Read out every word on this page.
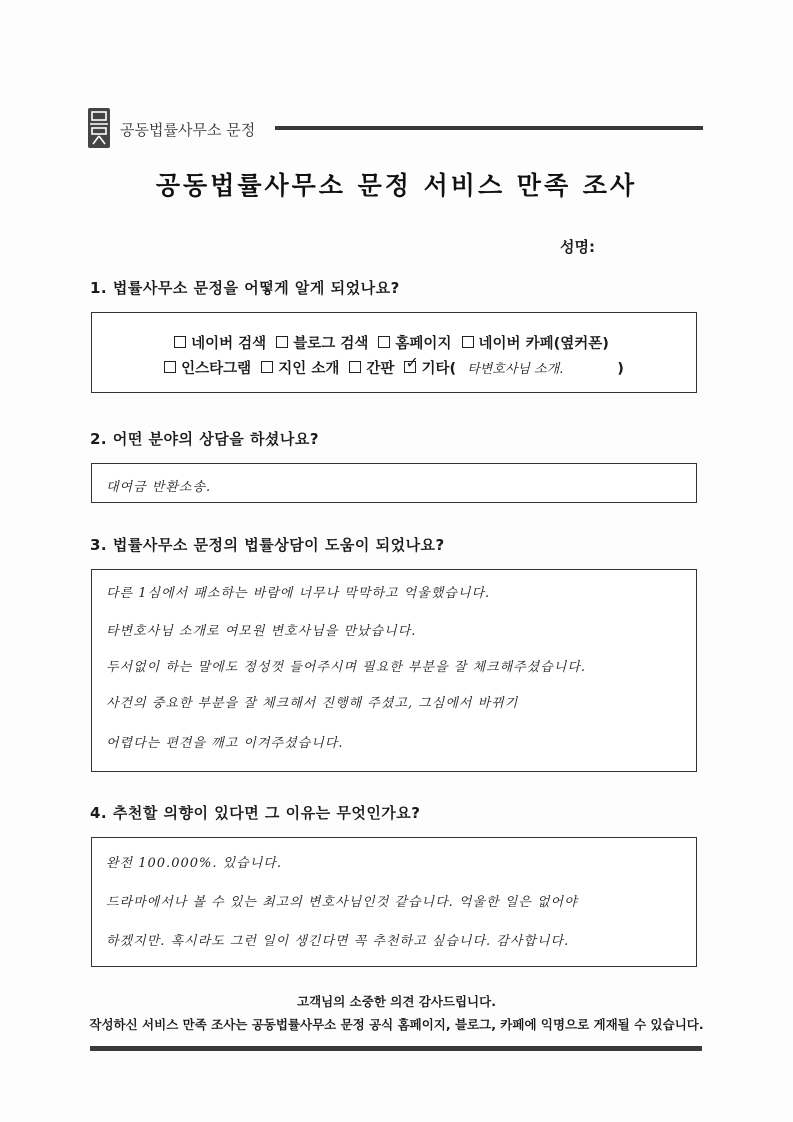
공동법률사무소 문정
공동법률사무소 문정 서비스 만족 조사
성명:
1. 법률사무소 문정을 어떻게 알게 되었나요?
네이버 검색 블로그 검색 홈페이지 네이버 카페(옆커폰)
인스타그램 지인 소개 간판 ✓ 기타( 타변호사님 소개.	)
2. 어떤 분야의 상담을 하셨나요?
대여금 반환소송.
3. 법률사무소 문정의 법률상담이 도움이 되었나요?
다른 1심에서 패소하는 바람에 너무나 막막하고 억울했습니다.
타변호사님 소개로 여모원 변호사님을 만났습니다.
두서없이 하는 말에도 정성껏 들어주시며 필요한 부분을 잘 체크해주셨습니다.
사건의 중요한 부분을 잘 체크해서 진행해 주셨고, 그심에서 바뀌기
어렵다는 편견을 깨고 이겨주셨습니다.
4. 추천할 의향이 있다면 그 이유는 무엇인가요?
완전 100.000%. 있습니다.
드라마에서나 볼 수 있는 최고의 변호사님인것 같습니다. 억울한 일은 없어야
하겠지만. 혹시라도 그런 일이 생긴다면 꼭 추천하고 싶습니다. 감사합니다.
고객님의 소중한 의견 감사드립니다.
작성하신 서비스 만족 조사는 공동법률사무소 문정 공식 홈페이지, 블로그, 카페에 익명으로 게재될 수 있습니다.
